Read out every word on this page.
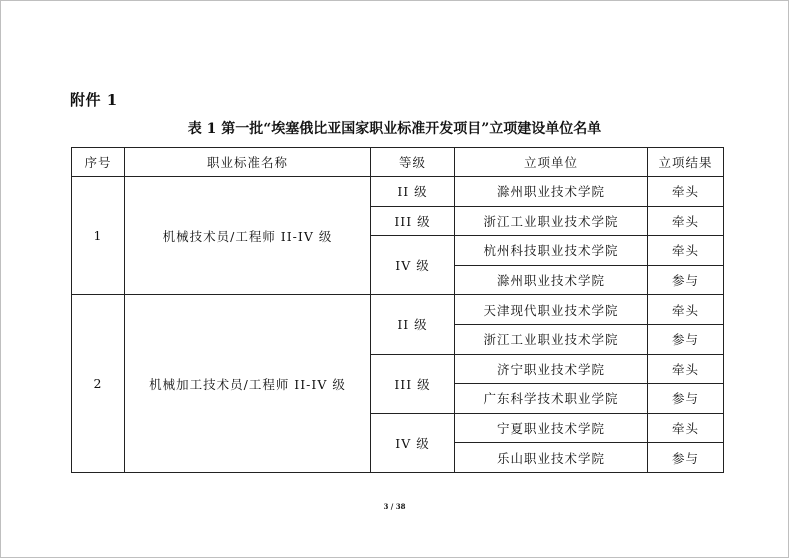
附件 1
表 1 第一批“埃塞俄比亚国家职业标准开发项目”立项建设单位名单
序号	职业标准名称	等级	立项单位	立项结果
1	机械技术员/工程师 II-IV 级	II 级	滁州职业技术学院	牵头
		III 级	浙江工业职业技术学院	牵头
		IV 级	杭州科技职业技术学院	牵头
			滁州职业技术学院	参与
2	机械加工技术员/工程师 II-IV 级	II 级	天津现代职业技术学院	牵头
			浙江工业职业技术学院	参与
		III 级	济宁职业技术学院	牵头
			广东科学技术职业学院	参与
		IV 级	宁夏职业技术学院	牵头
			乐山职业技术学院	参与
3 / 38
